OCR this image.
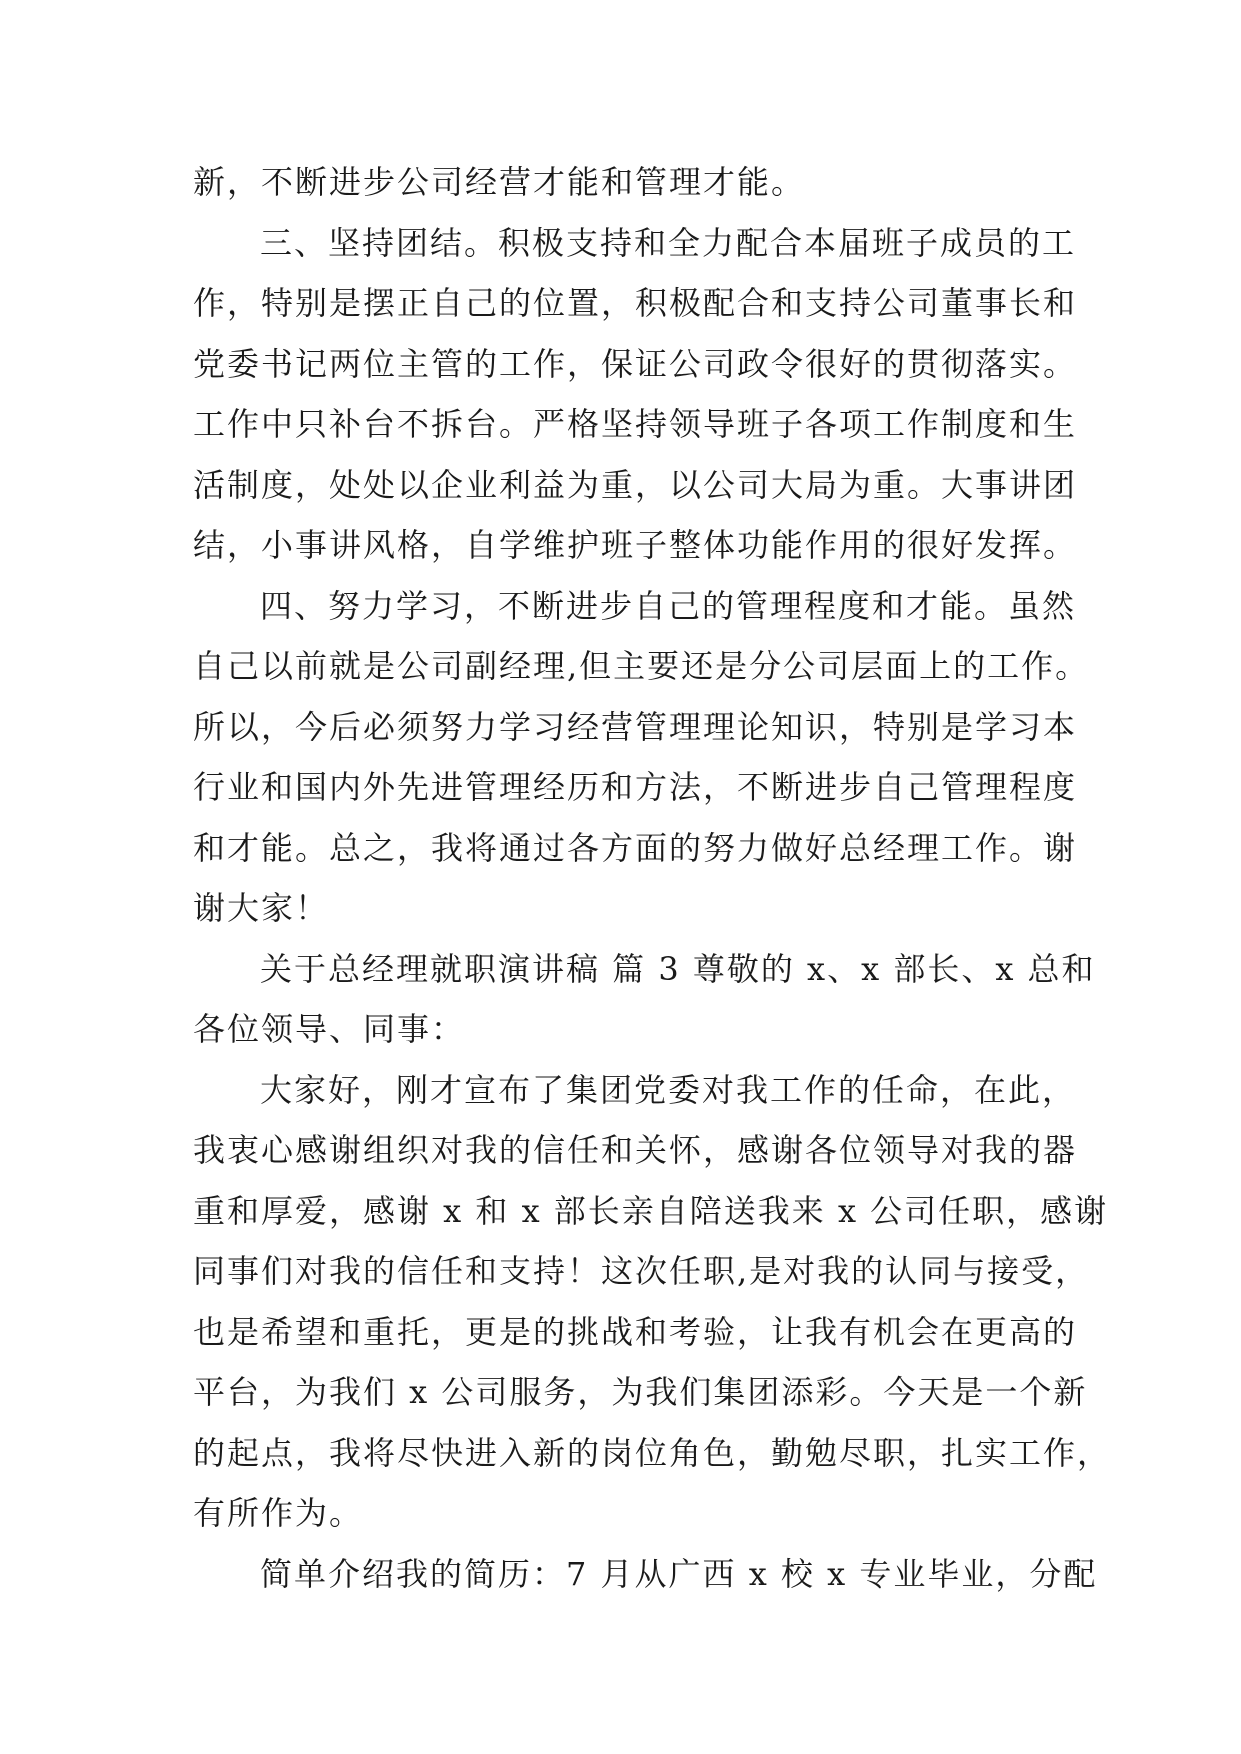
新，不断进步公司经营才能和管理才能。
三、坚持团结。积极支持和全力配合本届班子成员的工
作，特别是摆正自己的位置，积极配合和支持公司董事长和
党委书记两位主管的工作，保证公司政令很好的贯彻落实。
工作中只补台不拆台。严格坚持领导班子各项工作制度和生
活制度，处处以企业利益为重，以公司大局为重。大事讲团
结，小事讲风格，自学维护班子整体功能作用的很好发挥。
四、努力学习，不断进步自己的管理程度和才能。虽然
自己以前就是公司副经理,但主要还是分公司层面上的工作。
所以，今后必须努力学习经营管理理论知识，特别是学习本
行业和国内外先进管理经历和方法，不断进步自己管理程度
和才能。总之，我将通过各方面的努力做好总经理工作。谢
谢大家！
关于总经理就职演讲稿 篇 3 尊敬的 x、x 部长、x 总和
各位领导、同事：
大家好，刚才宣布了集团党委对我工作的任命，在此，
我衷心感谢组织对我的信任和关怀，感谢各位领导对我的器
重和厚爱，感谢 x 和 x 部长亲自陪送我来 x 公司任职，感谢
同事们对我的信任和支持！这次任职,是对我的认同与接受，
也是希望和重托，更是的挑战和考验，让我有机会在更高的
平台，为我们 x 公司服务，为我们集团添彩。今天是一个新
的起点，我将尽快进入新的岗位角色，勤勉尽职，扎实工作，
有所作为。
简单介绍我的简历：7 月从广西 x 校 x 专业毕业，分配
